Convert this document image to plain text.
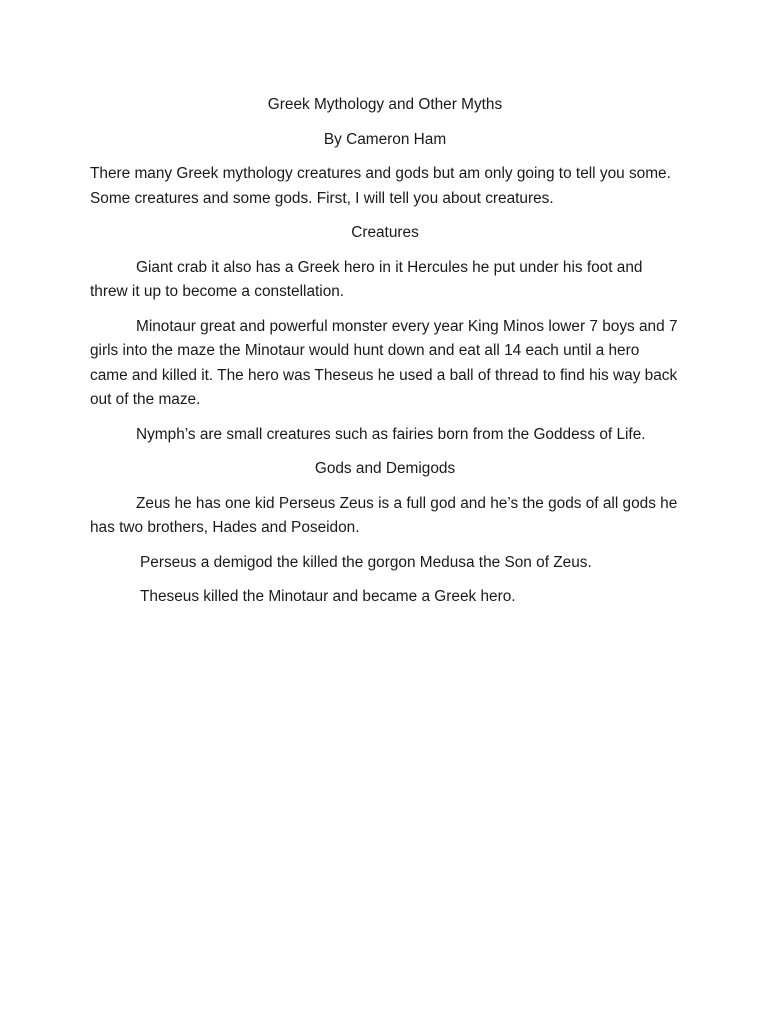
Greek Mythology and Other Myths

By Cameron Ham

There many Greek mythology creatures and gods but am only going to tell you some. Some creatures and some gods. First, I will tell you about creatures.

Creatures

Giant crab it also has a Greek hero in it Hercules he put under his foot and threw it up to become a constellation.

Minotaur great and powerful monster every year King Minos lower 7 boys and 7 girls into the maze the Minotaur would hunt down and eat all 14 each until a hero came and killed it. The hero was Theseus he used a ball of thread to find his way back out of the maze.

Nymph’s are small creatures such as fairies born from the Goddess of Life.

Gods and Demigods

Zeus he has one kid Perseus Zeus is a full god and he’s the gods of all gods he has two brothers, Hades and Poseidon.

Perseus a demigod the killed the gorgon Medusa the Son of Zeus.

Theseus killed the Minotaur and became a Greek hero.
